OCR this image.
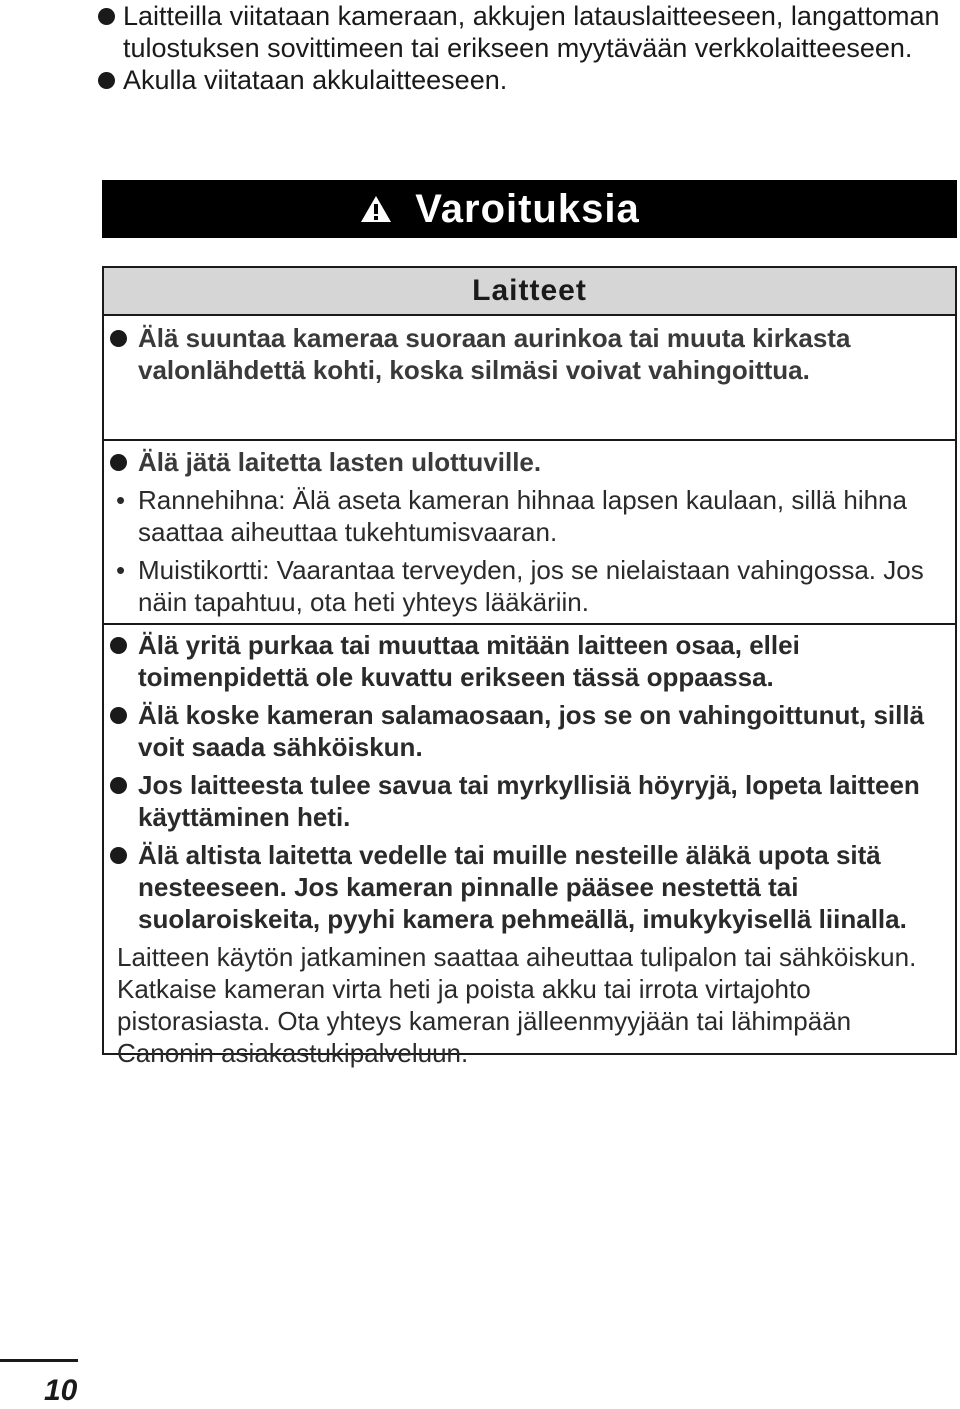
Laitteilla viitataan kameraan, akkujen latauslaitteeseen, langattoman tulostuksen sovittimeen tai erikseen myytävään verkkolaitteeseen.
Akulla viitataan akkulaitteeseen.
Varoituksia
Laitteet
Älä suuntaa kameraa suoraan aurinkoa tai muuta kirkasta valonlähdettä kohti, koska silmäsi voivat vahingoittua.
Älä jätä laitetta lasten ulottuville.
• Rannehihna: Älä aseta kameran hihnaa lapsen kaulaan, sillä hihna saattaa aiheuttaa tukehtumisvaaran.
• Muistikortti: Vaarantaa terveyden, jos se nielaistaan vahingossa. Jos näin tapahtuu, ota heti yhteys lääkäriin.
Älä yritä purkaa tai muuttaa mitään laitteen osaa, ellei toimenpidettä ole kuvattu erikseen tässä oppaassa.
Älä koske kameran salamaosaan, jos se on vahingoittunut, sillä voit saada sähköiskun.
Jos laitteesta tulee savua tai myrkyllisiä höyryjä, lopeta laitteen käyttäminen heti.
Älä altista laitetta vedelle tai muille nesteille äläkä upota sitä nesteeseen. Jos kameran pinnalle pääsee nestettä tai suolaroiskeita, pyyhi kamera pehmeällä, imukykyisellä liinalla.
Laitteen käytön jatkaminen saattaa aiheuttaa tulipalon tai sähköiskun. Katkaise kameran virta heti ja poista akku tai irrota virtajohto pistorasiasta. Ota yhteys kameran jälleenmyyjään tai lähimpään Canonin asiakastukipalveluun.
10
